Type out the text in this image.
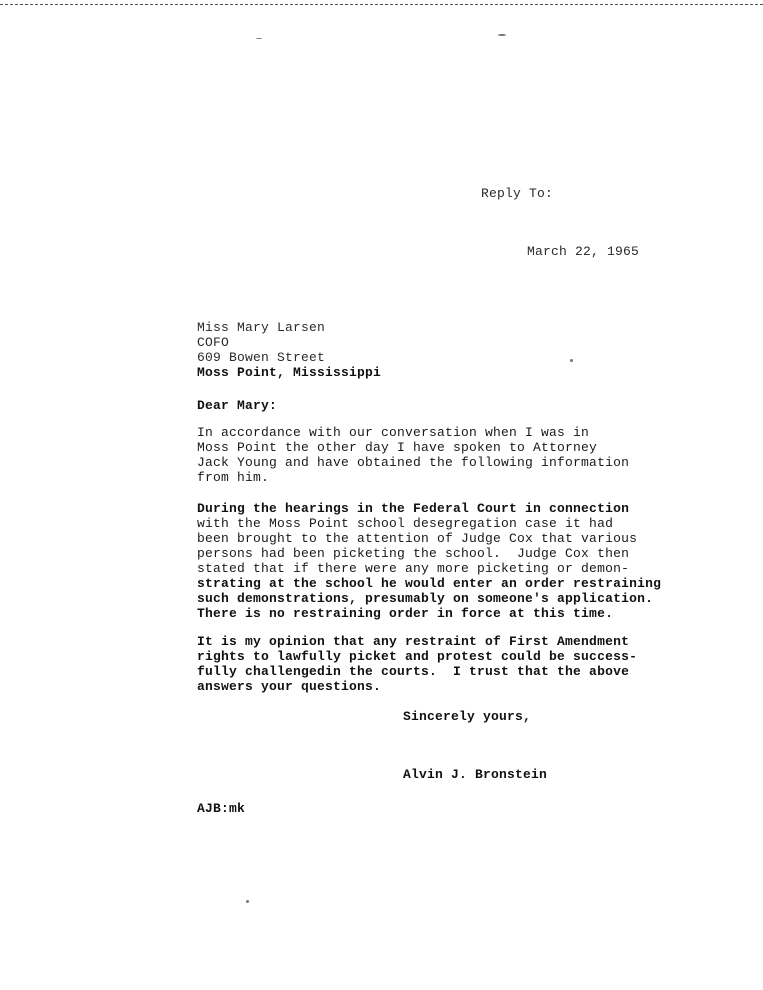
Reply To:
March 22, 1965
Miss Mary Larsen
COFO
609 Bowen Street
Moss Point, Mississippi
Dear Mary:
In accordance with our conversation when I was in
Moss Point the other day I have spoken to Attorney
Jack Young and have obtained the following information
from him.
During the hearings in the Federal Court in connection
with the Moss Point school desegregation case it had
been brought to the attention of Judge Cox that various
persons had been picketing the school.  Judge Cox then
stated that if there were any more picketing or demon-
strating at the school he would enter an order restraining
such demonstrations, presumably on someone's application.
There is no restraining order in force at this time.
It is my opinion that any restraint of First Amendment
rights to lawfully picket and protest could be success-
fully challengedin the courts.  I trust that the above
answers your questions.
Sincerely yours,
Alvin J. Bronstein
AJB:mk
